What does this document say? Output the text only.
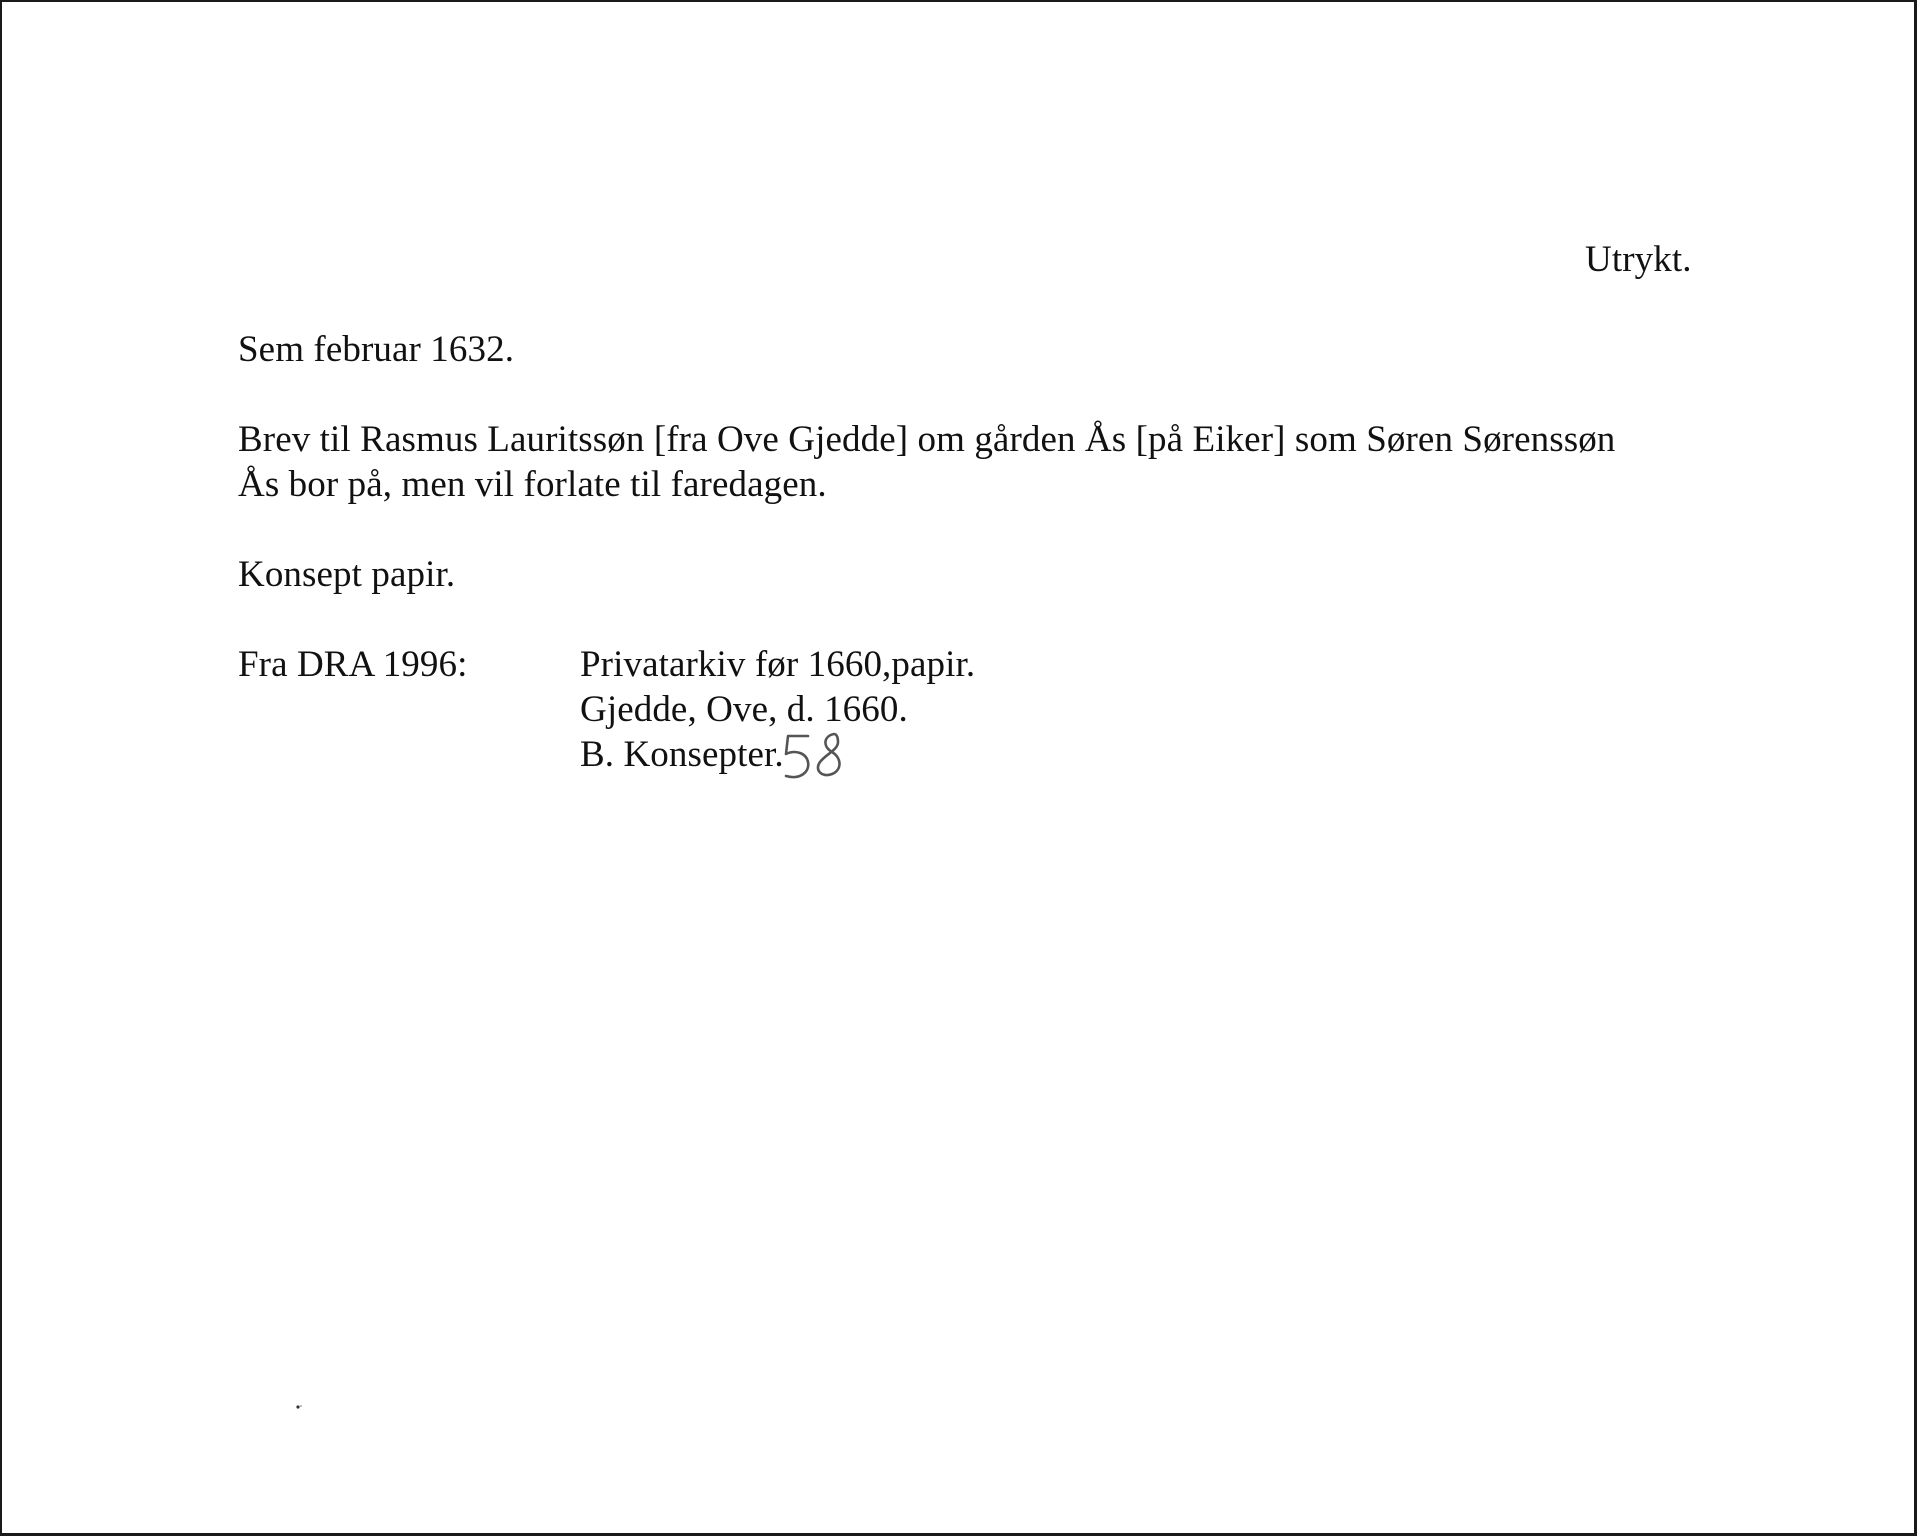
Utrykt.
Sem februar 1632.
Brev til Rasmus Lauritssøn [fra Ove Gjedde] om gården Ås [på Eiker] som Søren Sørenssøn
Ås bor på, men vil forlate til faredagen.
Konsept papir.
Fra DRA 1996:	Privatarkiv før 1660,papir.
Gjedde, Ove, d. 1660.
B. Konsepter.
